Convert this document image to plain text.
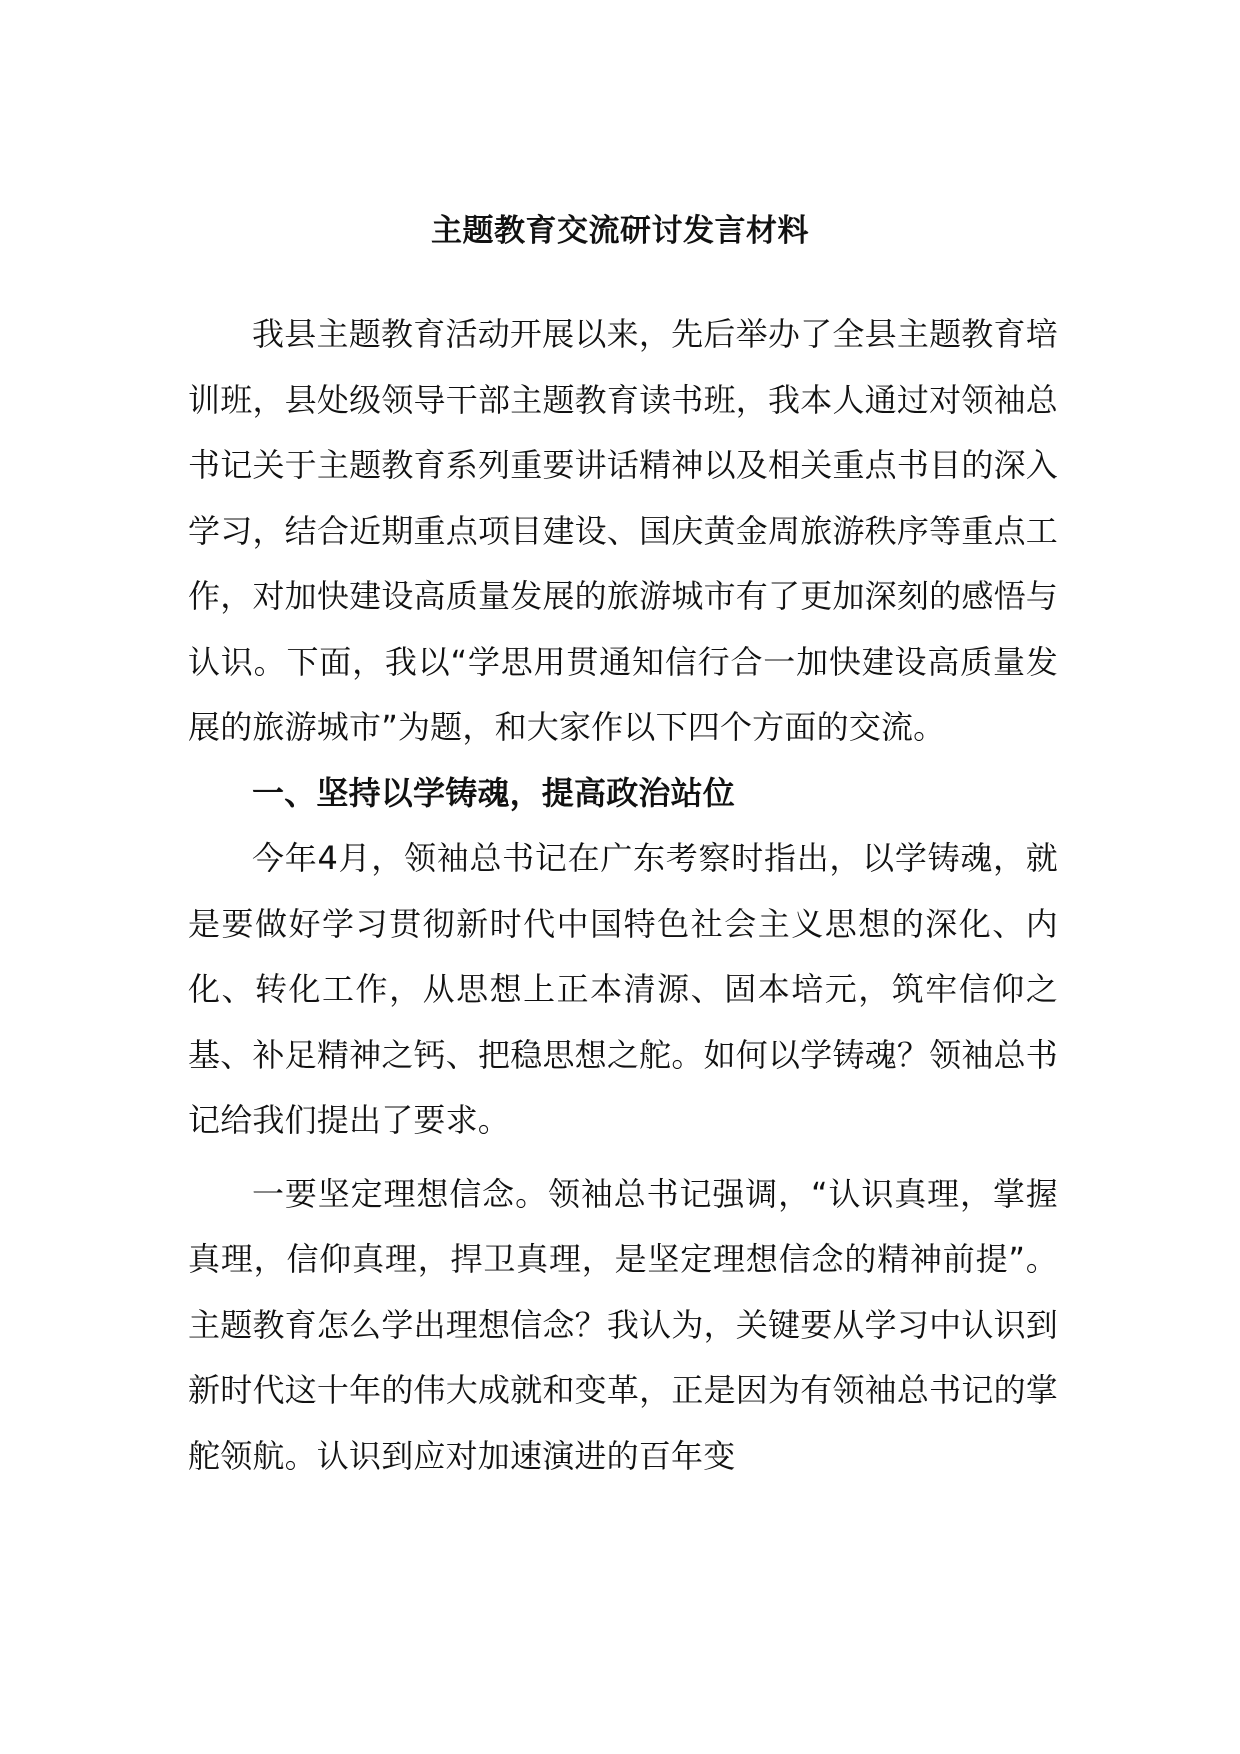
主题教育交流研讨发言材料

我县主题教育活动开展以来，先后举办了全县主题教育培训班，县处级领导干部主题教育读书班，我本人通过对领袖总书记关于主题教育系列重要讲话精神以及相关重点书目的深入学习，结合近期重点项目建设、国庆黄金周旅游秩序等重点工作，对加快建设高质量发展的旅游城市有了更加深刻的感悟与认识。下面，我以“学思用贯通知信行合一加快建设高质量发展的旅游城市”为题，和大家作以下四个方面的交流。

一、坚持以学铸魂，提高政治站位

今年4月，领袖总书记在广东考察时指出，以学铸魂，就是要做好学习贯彻新时代中国特色社会主义思想的深化、内化、转化工作，从思想上正本清源、固本培元，筑牢信仰之基、补足精神之钙、把稳思想之舵。如何以学铸魂？领袖总书记给我们提出了要求。

一要坚定理想信念。领袖总书记强调，“认识真理，掌握真理，信仰真理，捍卫真理，是坚定理想信念的精神前提”。主题教育怎么学出理想信念？我认为，关键要从学习中认识到新时代这十年的伟大成就和变革，正是因为有领袖总书记的掌舵领航。认识到应对加速演进的百年变
